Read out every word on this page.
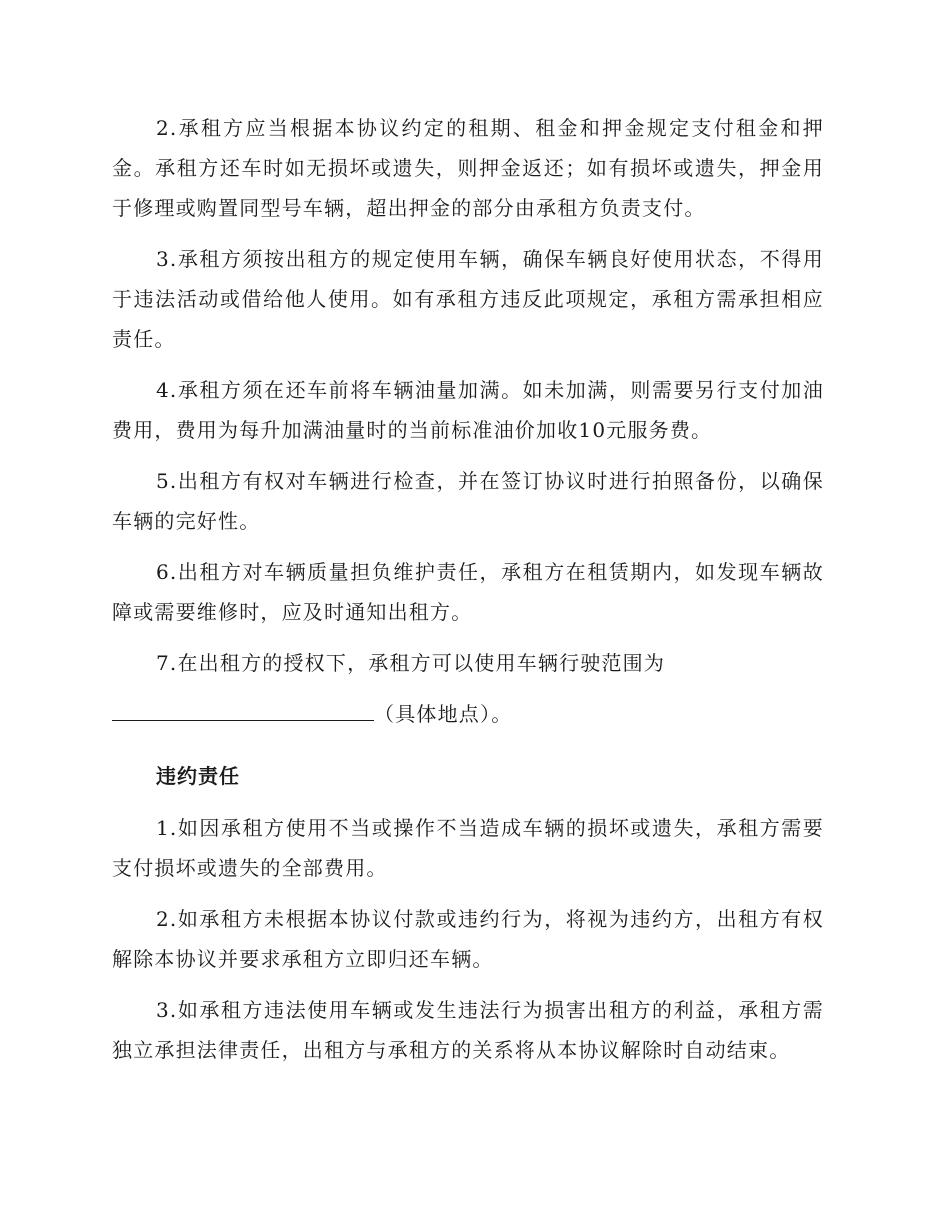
2.承租方应当根据本协议约定的租期、租金和押金规定支付租金和押金。承租方还车时如无损坏或遗失，则押金返还；如有损坏或遗失，押金用于修理或购置同型号车辆，超出押金的部分由承租方负责支付。

3.承租方须按出租方的规定使用车辆，确保车辆良好使用状态，不得用于违法活动或借给他人使用。如有承租方违反此项规定，承租方需承担相应责任。

4.承租方须在还车前将车辆油量加满。如未加满，则需要另行支付加油费用，费用为每升加满油量时的当前标准油价加收10元服务费。

5.出租方有权对车辆进行检查，并在签订协议时进行拍照备份，以确保车辆的完好性。

6.出租方对车辆质量担负维护责任，承租方在租赁期内，如发现车辆故障或需要维修时，应及时通知出租方。

7.在出租方的授权下，承租方可以使用车辆行驶范围为

（具体地点）。

违约责任

1.如因承租方使用不当或操作不当造成车辆的损坏或遗失，承租方需要支付损坏或遗失的全部费用。

2.如承租方未根据本协议付款或违约行为，将视为违约方，出租方有权解除本协议并要求承租方立即归还车辆。

3.如承租方违法使用车辆或发生违法行为损害出租方的利益，承租方需独立承担法律责任，出租方与承租方的关系将从本协议解除时自动结束。
